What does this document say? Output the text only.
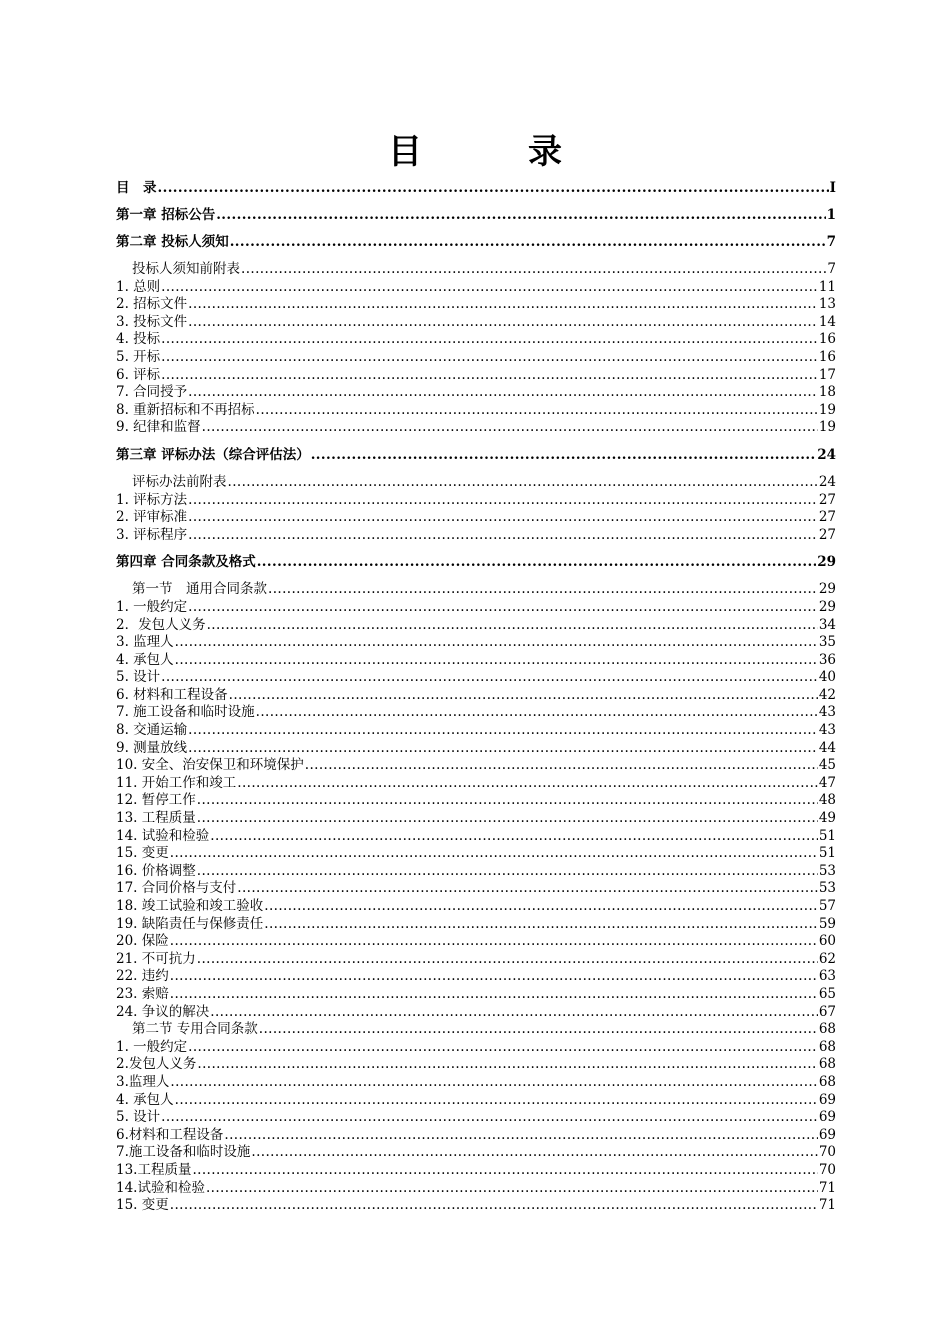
目　录
目　录 .....	I
第一章 招标公告 .....	1
第二章 投标人须知 .....	7
投标人须知前附表 .....	7
1. 总则 .....	11
2. 招标文件 .....	13
3. 投标文件 .....	14
4. 投标 .....	16
5. 开标 .....	16
6. 评标 .....	17
7. 合同授予 .....	18
8. 重新招标和不再招标 .....	19
9. 纪律和监督 .....	19
第三章 评标办法（综合评估法） .....	24
评标办法前附表 .....	24
1. 评标方法 .....	27
2. 评审标准 .....	27
3. 评标程序 .....	27
第四章 合同条款及格式 .....	29
第一节　通用合同条款 .....	29
1. 一般约定 .....	29
2．发包人义务 .....	34
3. 监理人 .....	35
4. 承包人 .....	36
5. 设计 .....	40
6. 材料和工程设备 .....	42
7. 施工设备和临时设施 .....	43
8. 交通运输 .....	43
9. 测量放线 .....	44
10. 安全、治安保卫和环境保护 .....	45
11. 开始工作和竣工 .....	47
12. 暂停工作 .....	48
13. 工程质量 .....	49
14. 试验和检验 .....	51
15. 变更 .....	51
16. 价格调整 .....	53
17. 合同价格与支付 .....	53
18. 竣工试验和竣工验收 .....	57
19. 缺陷责任与保修责任 .....	59
20. 保险 .....	60
21. 不可抗力 .....	62
22. 违约 .....	63
23. 索赔 .....	65
24. 争议的解决 .....	67
第二节 专用合同条款 .....	68
1. 一般约定 .....	68
2.发包人义务 .....	68
3.监理人 .....	68
4. 承包人 .....	69
5. 设计 .....	69
6.材料和工程设备 .....	69
7.施工设备和临时设施 .....	70
13.工程质量 .....	70
14.试验和检验 .....	71
15. 变更 .....	71
